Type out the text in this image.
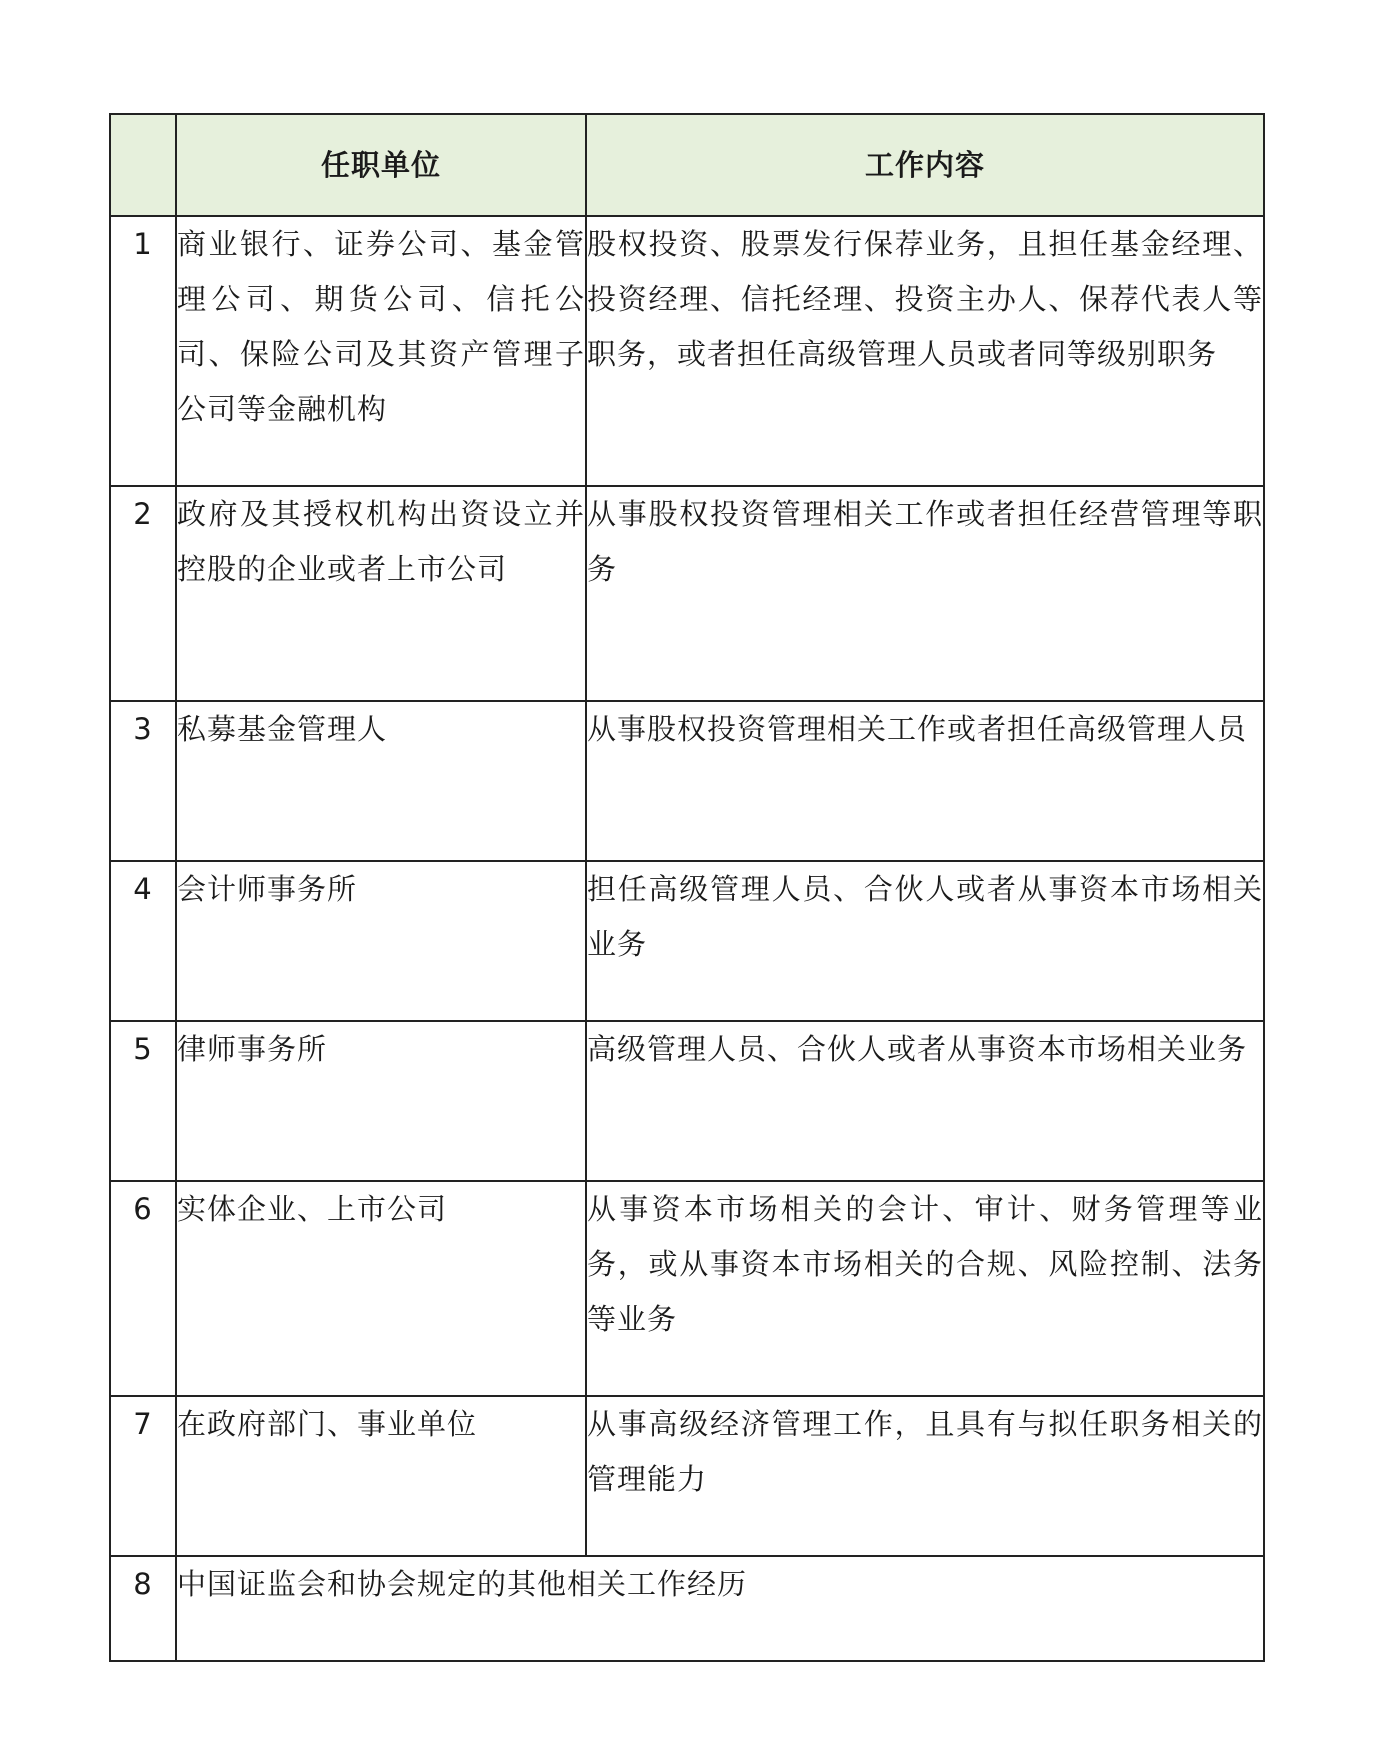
	任职单位	工作内容
1	商业银行、证券公司、基金管理公司、期货公司、信托公司、保险公司及其资产管理子公司等金融机构	股权投资、股票发行保荐业务，且担任基金经理、投资经理、信托经理、投资主办人、保荐代表人等职务，或者担任高级管理人员或者同等级别职务
2	政府及其授权机构出资设立并控股的企业或者上市公司	从事股权投资管理相关工作或者担任经营管理等职务
3	私募基金管理人	从事股权投资管理相关工作或者担任高级管理人员
4	会计师事务所	担任高级管理人员、合伙人或者从事资本市场相关业务
5	律师事务所	高级管理人员、合伙人或者从事资本市场相关业务
6	实体企业、上市公司	从事资本市场相关的会计、审计、财务管理等业务，或从事资本市场相关的合规、风险控制、法务等业务
7	在政府部门、事业单位	从事高级经济管理工作，且具有与拟任职务相关的管理能力
8	中国证监会和协会规定的其他相关工作经历	
